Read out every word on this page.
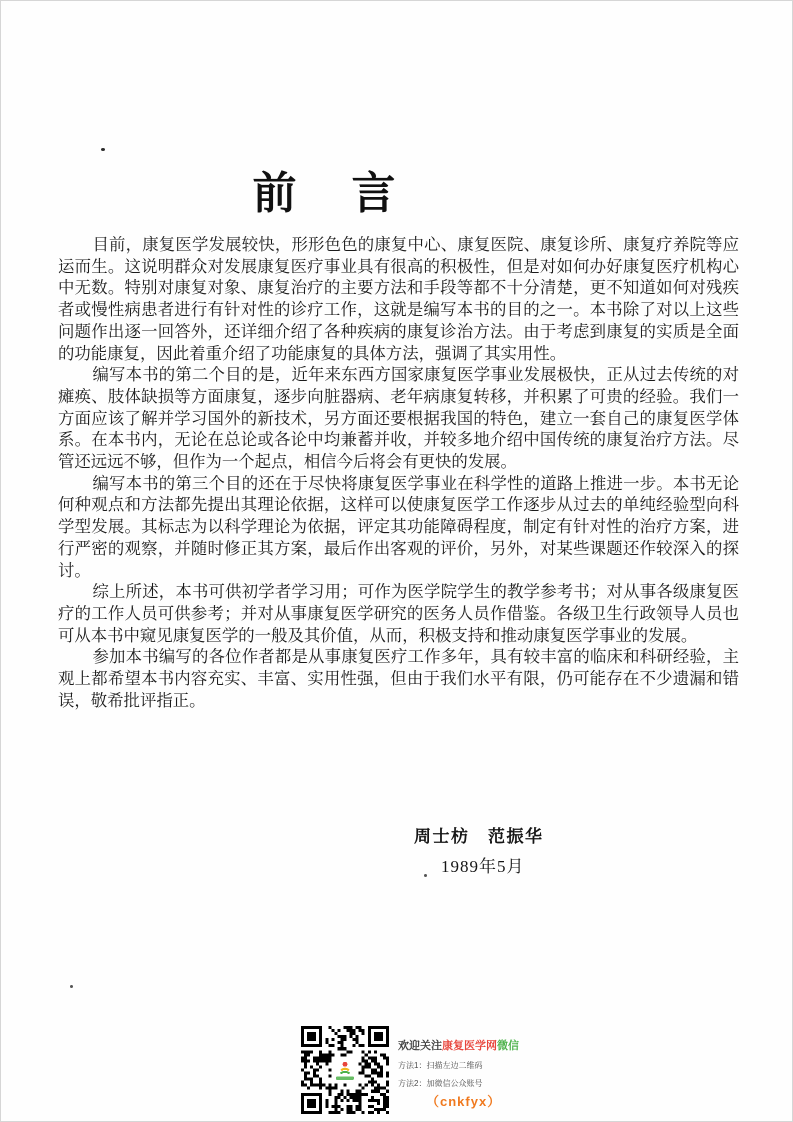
前 言

目前，康复医学发展较快，形形色色的康复中心、康复医院、康复诊所、康复疗养院等应运而生。这说明群众对发展康复医疗事业具有很高的积极性，但是对如何办好康复医疗机构心中无数。特别对康复对象、康复治疗的主要方法和手段等都不十分清楚，更不知道如何对残疾者或慢性病患者进行有针对性的诊疗工作，这就是编写本书的目的之一。本书除了对以上这些问题作出逐一回答外，还详细介绍了各种疾病的康复诊治方法。由于考虑到康复的实质是全面的功能康复，因此着重介绍了功能康复的具体方法，强调了其实用性。

编写本书的第二个目的是，近年来东西方国家康复医学事业发展极快，正从过去传统的对瘫痪、肢体缺损等方面康复，逐步向脏器病、老年病康复转移，并积累了可贵的经验。我们一方面应该了解并学习国外的新技术，另方面还要根据我国的特色，建立一套自己的康复医学体系。在本书内，无论在总论或各论中均兼蓄并收，并较多地介绍中国传统的康复治疗方法。尽管还远远不够，但作为一个起点，相信今后将会有更快的发展。

编写本书的第三个目的还在于尽快将康复医学事业在科学性的道路上推进一步。本书无论何种观点和方法都先提出其理论依据，这样可以使康复医学工作逐步从过去的单纯经验型向科学型发展。其标志为以科学理论为依据，评定其功能障碍程度，制定有针对性的治疗方案，进行严密的观察，并随时修正其方案，最后作出客观的评价，另外，对某些课题还作较深入的探讨。

综上所述，本书可供初学者学习用；可作为医学院学生的教学参考书；对从事各级康复医疗的工作人员可供参考；并对从事康复医学研究的医务人员作借鉴。各级卫生行政领导人员也可从本书中窥见康复医学的一般及其价值，从而，积极支持和推动康复医学事业的发展。

参加本书编写的各位作者都是从事康复医疗工作多年，具有较丰富的临床和科研经验，主观上都希望本书内容充实、丰富、实用性强，但由于我们水平有限，仍可能存在不少遗漏和错误，敬希批评指正。

周士枋　范振华
1989年5月
欢迎关注康复医学网微信
方法1：扫描左边二维码
方法2：加微信公众账号
（cnkfyx）
